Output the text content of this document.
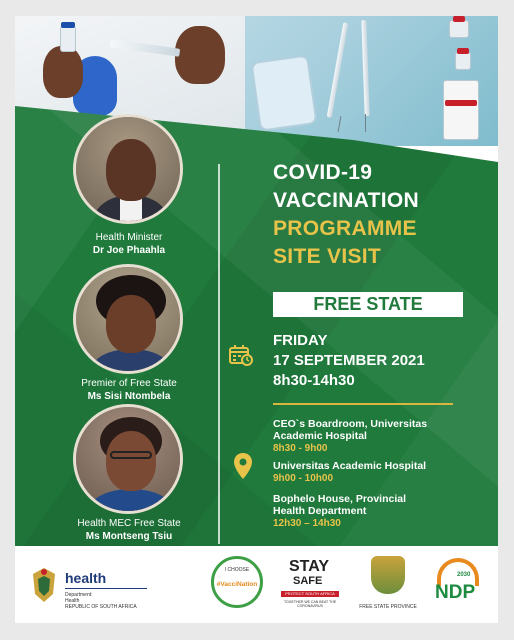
Health Minister
Dr Joe Phaahla
Premier of Free State
Ms Sisi Ntombela
Health MEC Free State
Ms Montseng Tsiu
COVID-19
VACCINATION
PROGRAMME
SITE VISIT
FREE STATE
FRIDAY
17 SEPTEMBER 2021
8h30-14h30
CEO`s Boardroom, Universitas
Academic Hospital
8h30 - 9h00
Universitas Academic Hospital
9h00 - 10h00
Bophelo House, Provincial
Health Department
12h30 – 14h30
health
Department:
Health
REPUBLIC OF SOUTH AFRICA
I CHOOSE
#VacciNation
STAY
SAFE
PROTECT SOUTH AFRICA
TOGETHER WE CAN BEAT THE CORONAVIRUS	FREE STATE PROVINCE
2030
NDP
